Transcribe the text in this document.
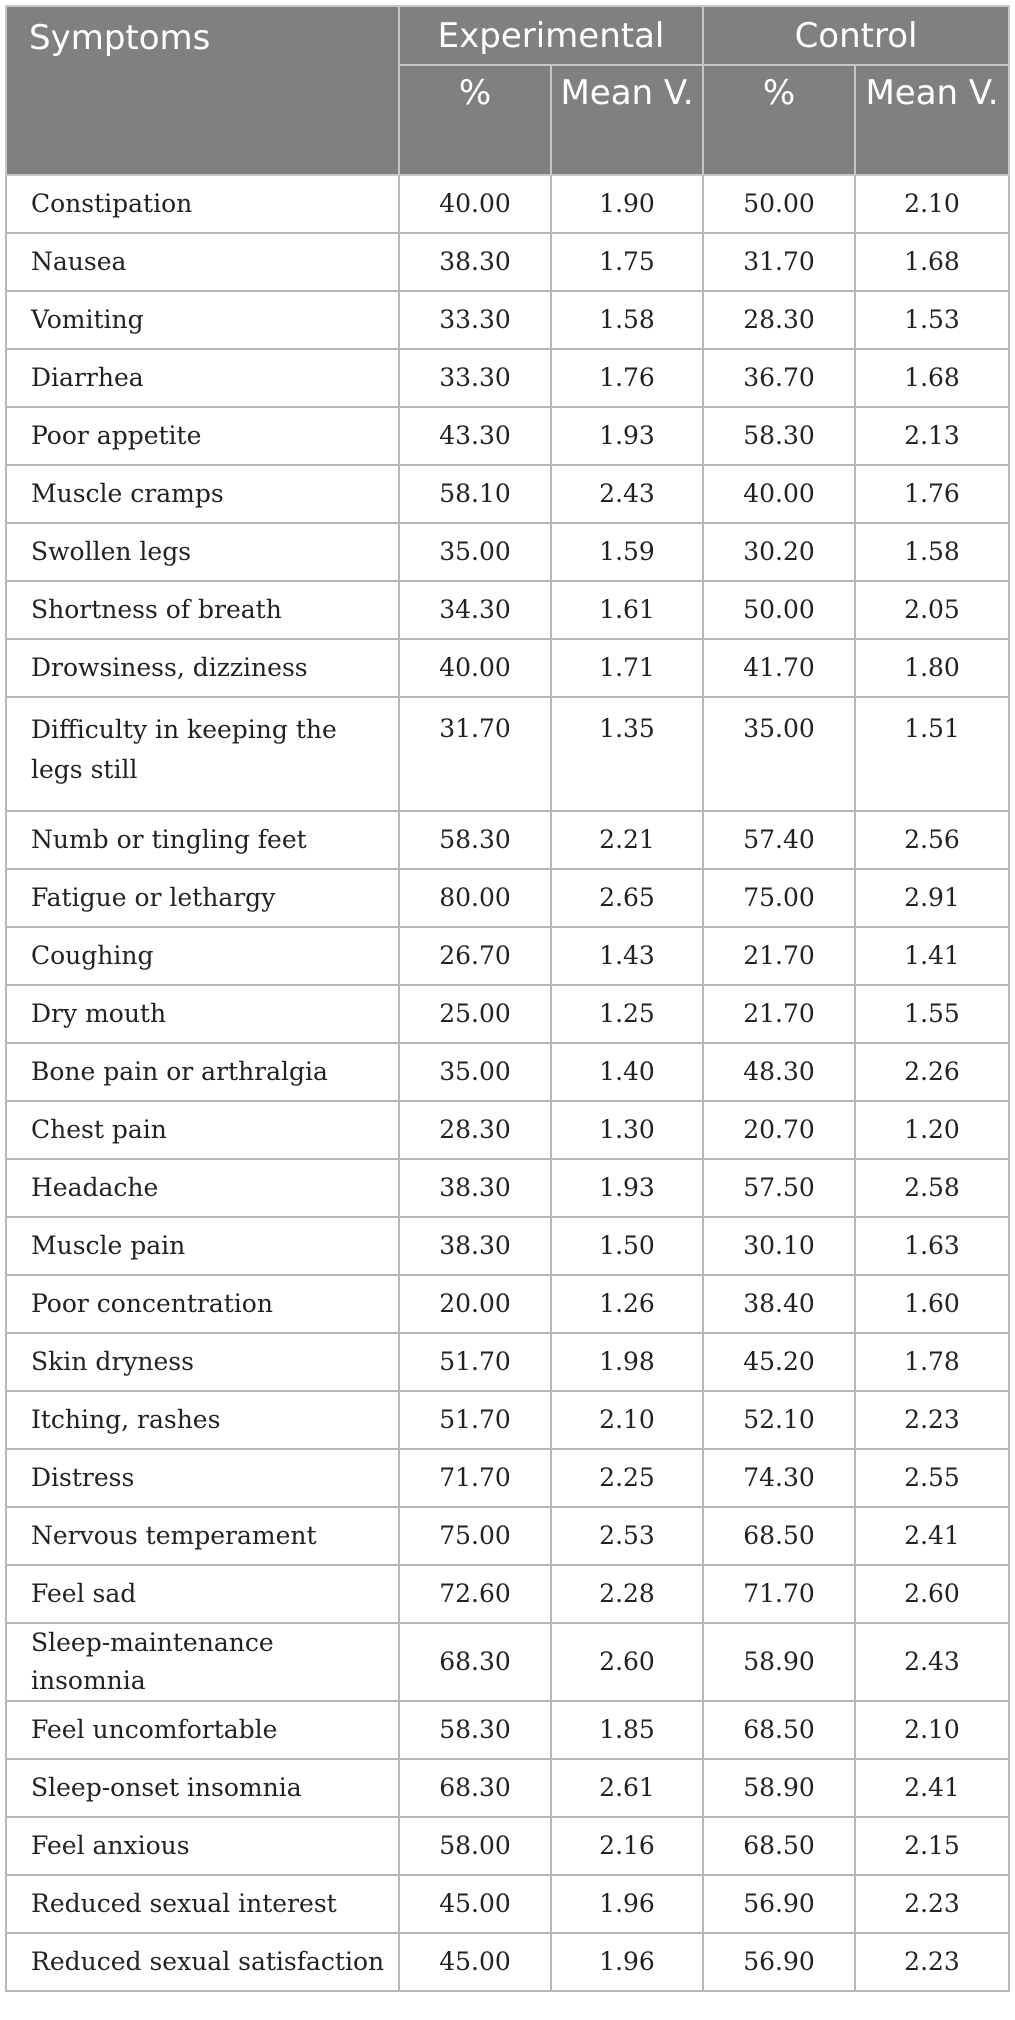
Symptoms	Experimental		Control	
	%	Mean V.	%	Mean V.
Constipation	40.00	1.90	50.00	2.10
Nausea	38.30	1.75	31.70	1.68
Vomiting	33.30	1.58	28.30	1.53
Diarrhea	33.30	1.76	36.70	1.68
Poor appetite	43.30	1.93	58.30	2.13
Muscle cramps	58.10	2.43	40.00	1.76
Swollen legs	35.00	1.59	30.20	1.58
Shortness of breath	34.30	1.61	50.00	2.05
Drowsiness, dizziness	40.00	1.71	41.70	1.80
Difficulty in keeping the legs still	31.70	1.35	35.00	1.51
Numb or tingling feet	58.30	2.21	57.40	2.56
Fatigue or lethargy	80.00	2.65	75.00	2.91
Coughing	26.70	1.43	21.70	1.41
Dry mouth	25.00	1.25	21.70	1.55
Bone pain or arthralgia	35.00	1.40	48.30	2.26
Chest pain	28.30	1.30	20.70	1.20
Headache	38.30	1.93	57.50	2.58
Muscle pain	38.30	1.50	30.10	1.63
Poor concentration	20.00	1.26	38.40	1.60
Skin dryness	51.70	1.98	45.20	1.78
Itching, rashes	51.70	2.10	52.10	2.23
Distress	71.70	2.25	74.30	2.55
Nervous temperament	75.00	2.53	68.50	2.41
Feel sad	72.60	2.28	71.70	2.60
Sleep-maintenance insomnia	68.30	2.60	58.90	2.43
Feel uncomfortable	58.30	1.85	68.50	2.10
Sleep-onset insomnia	68.30	2.61	58.90	2.41
Feel anxious	58.00	2.16	68.50	2.15
Reduced sexual interest	45.00	1.96	56.90	2.23
Reduced sexual satisfaction	45.00	1.96	56.90	2.23
